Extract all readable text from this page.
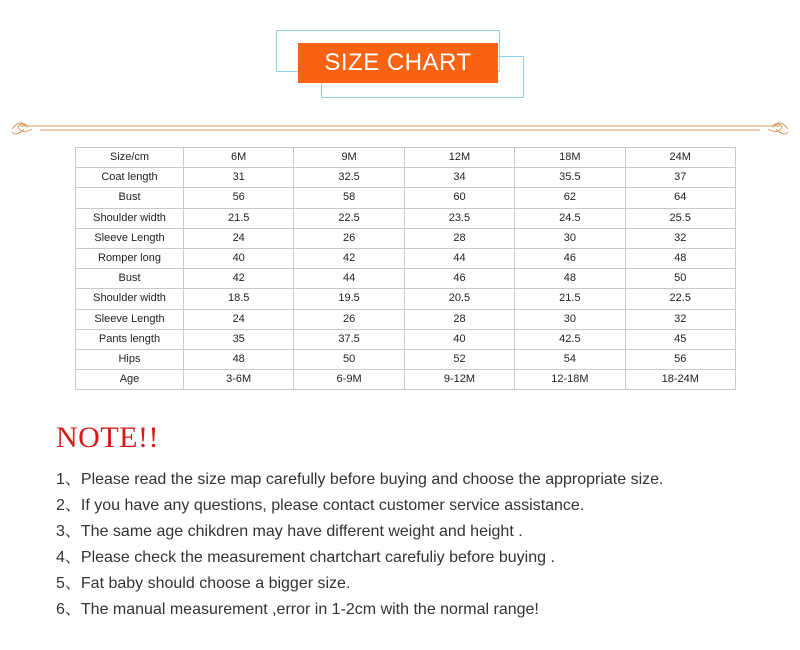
SIZE CHART
Size/cm	6M	9M	12M	18M	24M
Coat length	31	32.5	34	35.5	37
Bust	56	58	60	62	64
Shoulder width	21.5	22.5	23.5	24.5	25.5
Sleeve Length	24	26	28	30	32
Romper long	40	42	44	46	48
Bust	42	44	46	48	50
Shoulder width	18.5	19.5	20.5	21.5	22.5
Sleeve Length	24	26	28	30	32
Pants length	35	37.5	40	42.5	45
Hips	48	50	52	54	56
Age	3-6M	6-9M	9-12M	12-18M	18-24M
NOTE!!
1、Please read the size map carefully before buying and choose the appropriate size.
2、If you have any questions, please contact customer service assistance.
3、The same age chikdren may have different weight and height .
4、Please check the measurement chartchart carefuliy before buying .
5、Fat baby should choose a bigger size.
6、The manual measurement ,error in 1-2cm with the normal range!
